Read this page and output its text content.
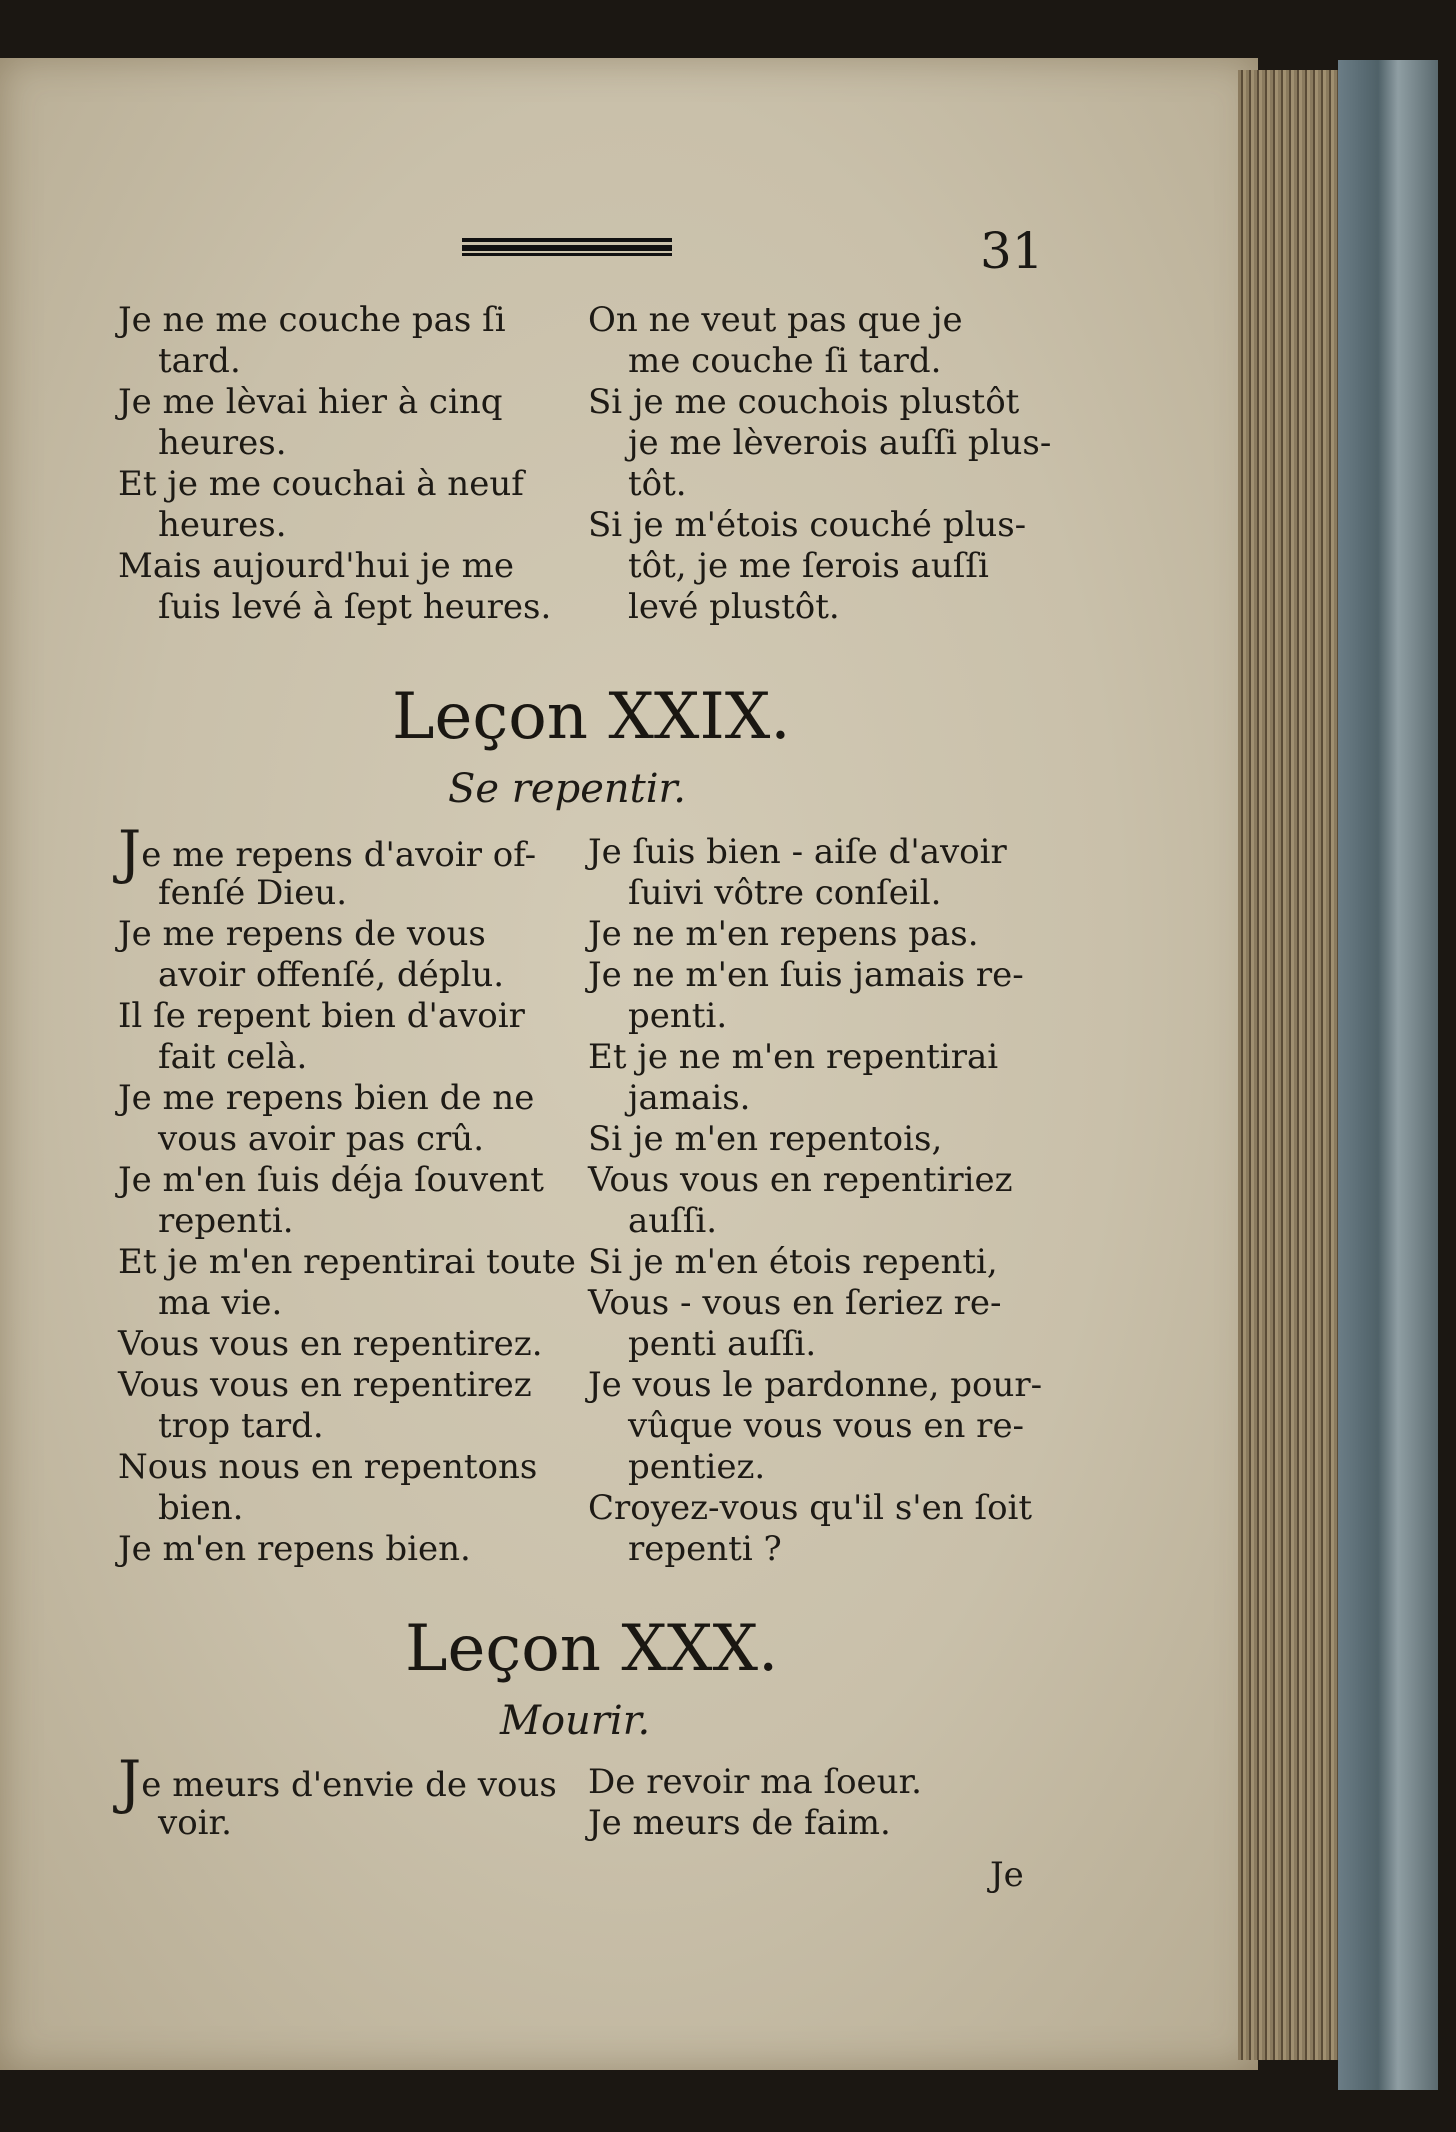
31
Je ne me couche pas ſi
tard.
Je me lèvai hier à cinq
heures.
Et je me couchai à neuf
heures.
Mais aujourd'hui je me
ſuis levé à ſept heures.
On ne veut pas que je
me couche ſi tard.
Si je me couchois plustôt
je me lèverois auſſi plus-
tôt.
Si je m'étois couché plus-
tôt, je me ſerois auſſi
levé plustôt.
Leçon XXIX.
Se repentir.
Je me repens d'avoir of-
fenſé Dieu.
Je me repens de vous
avoir offenſé, déplu.
Il ſe repent bien d'avoir
fait celà.
Je me repens bien de ne
vous avoir pas crû.
Je m'en ſuis déja ſouvent
repenti.
Et je m'en repentirai toute
ma vie.
Vous vous en repentirez.
Vous vous en repentirez
trop tard.
Nous nous en repentons
bien.
Je m'en repens bien.
Je ſuis bien - aiſe d'avoir
ſuivi vôtre conſeil.
Je ne m'en repens pas.
Je ne m'en ſuis jamais re-
penti.
Et je ne m'en repentirai
jamais.
Si je m'en repentois,
Vous vous en repentiriez
auſſi.
Si je m'en étois repenti,
Vous - vous en ſeriez re-
penti auſſi.
Je vous le pardonne, pour-
vûque vous vous en re-
pentiez.
Croyez-vous qu'il s'en ſoit
repenti ?
Leçon XXX.
Mourir.
Je meurs d'envie de vous
voir.
De revoir ma ſoeur.
Je meurs de faim.
Je
